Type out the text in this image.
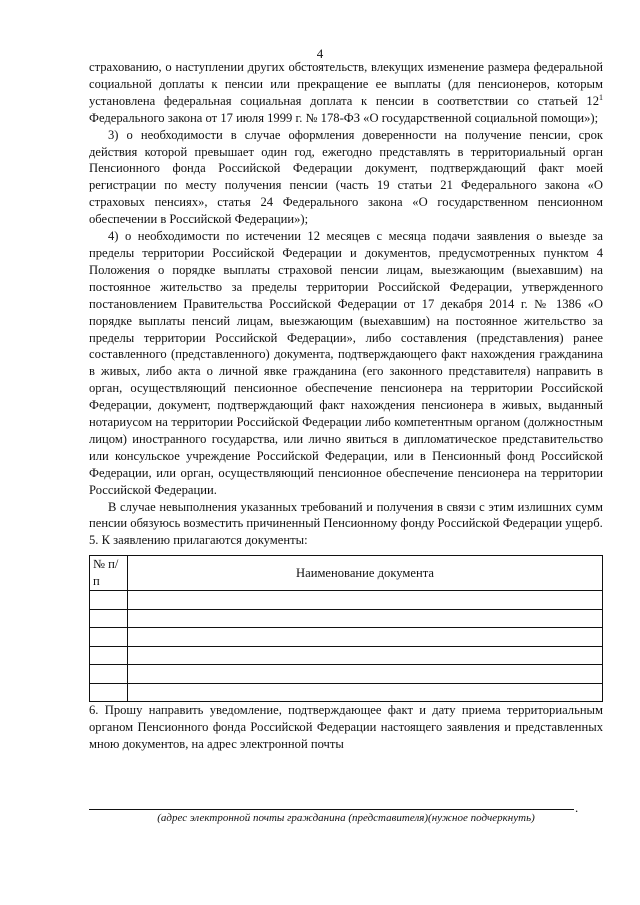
4

страхованию, о наступлении других обстоятельств, влекущих изменение размера федеральной социальной доплаты к пенсии или прекращение ее выплаты (для пенсионеров, которым установлена федеральная социальная доплата к пенсии в соответствии со статьей $12^1$ Федерального закона от 17 июля 1999 г. № 178-ФЗ «О государственной социальной помощи»);

3) о необходимости в случае оформления доверенности на получение пенсии, срок действия которой превышает один год, ежегодно представлять в территориальный орган Пенсионного фонда Российской Федерации документ, подтверждающий факт моей регистрации по месту получения пенсии (часть 19 статьи 21 Федерального закона «О страховых пенсиях», статья 24 Федерального закона «О государственном пенсионном обеспечении в Российской Федерации»);

4) о необходимости по истечении 12 месяцев с месяца подачи заявления о выезде за пределы территории Российской Федерации и документов, предусмотренных пунктом 4 Положения о порядке выплаты страховой пенсии лицам, выезжающим (выехавшим) на постоянное жительство за пределы территории Российской Федерации, утвержденного постановлением Правительства Российской Федерации от 17 декабря 2014 г. № 1386 «О порядке выплаты пенсий лицам, выезжающим (выехавшим) на постоянное жительство за пределы территории Российской Федерации», либо составления (представления) ранее составленного (представленного) документа, подтверждающего факт нахождения гражданина в живых, либо акта о личной явке гражданина (его законного представителя) направить в орган, осуществляющий пенсионное обеспечение пенсионера на территории Российской Федерации, документ, подтверждающий факт нахождения пенсионера в живых, выданный нотариусом на территории Российской Федерации либо компетентным органом (должностным лицом) иностранного государства, или лично явиться в дипломатическое представительство или консульское учреждение Российской Федерации, или в Пенсионный фонд Российской Федерации, или орган, осуществляющий пенсионное обеспечение пенсионера на территории Российской Федерации.

В случае невыполнения указанных требований и получения в связи с этим излишних сумм пенсии обязуюсь возместить причиненный Пенсионному фонду Российской Федерации ущерб.

5. К заявлению прилагаются документы:

№ п/п	Наименование документа

6. Прошу направить уведомление, подтверждающее факт и дату приема территориальным органом Пенсионного фонда Российской Федерации настоящего заявления и представленных мною документов, на адрес электронной почты

.
(адрес электронной почты гражданина (представителя)(нужное подчеркнуть)
